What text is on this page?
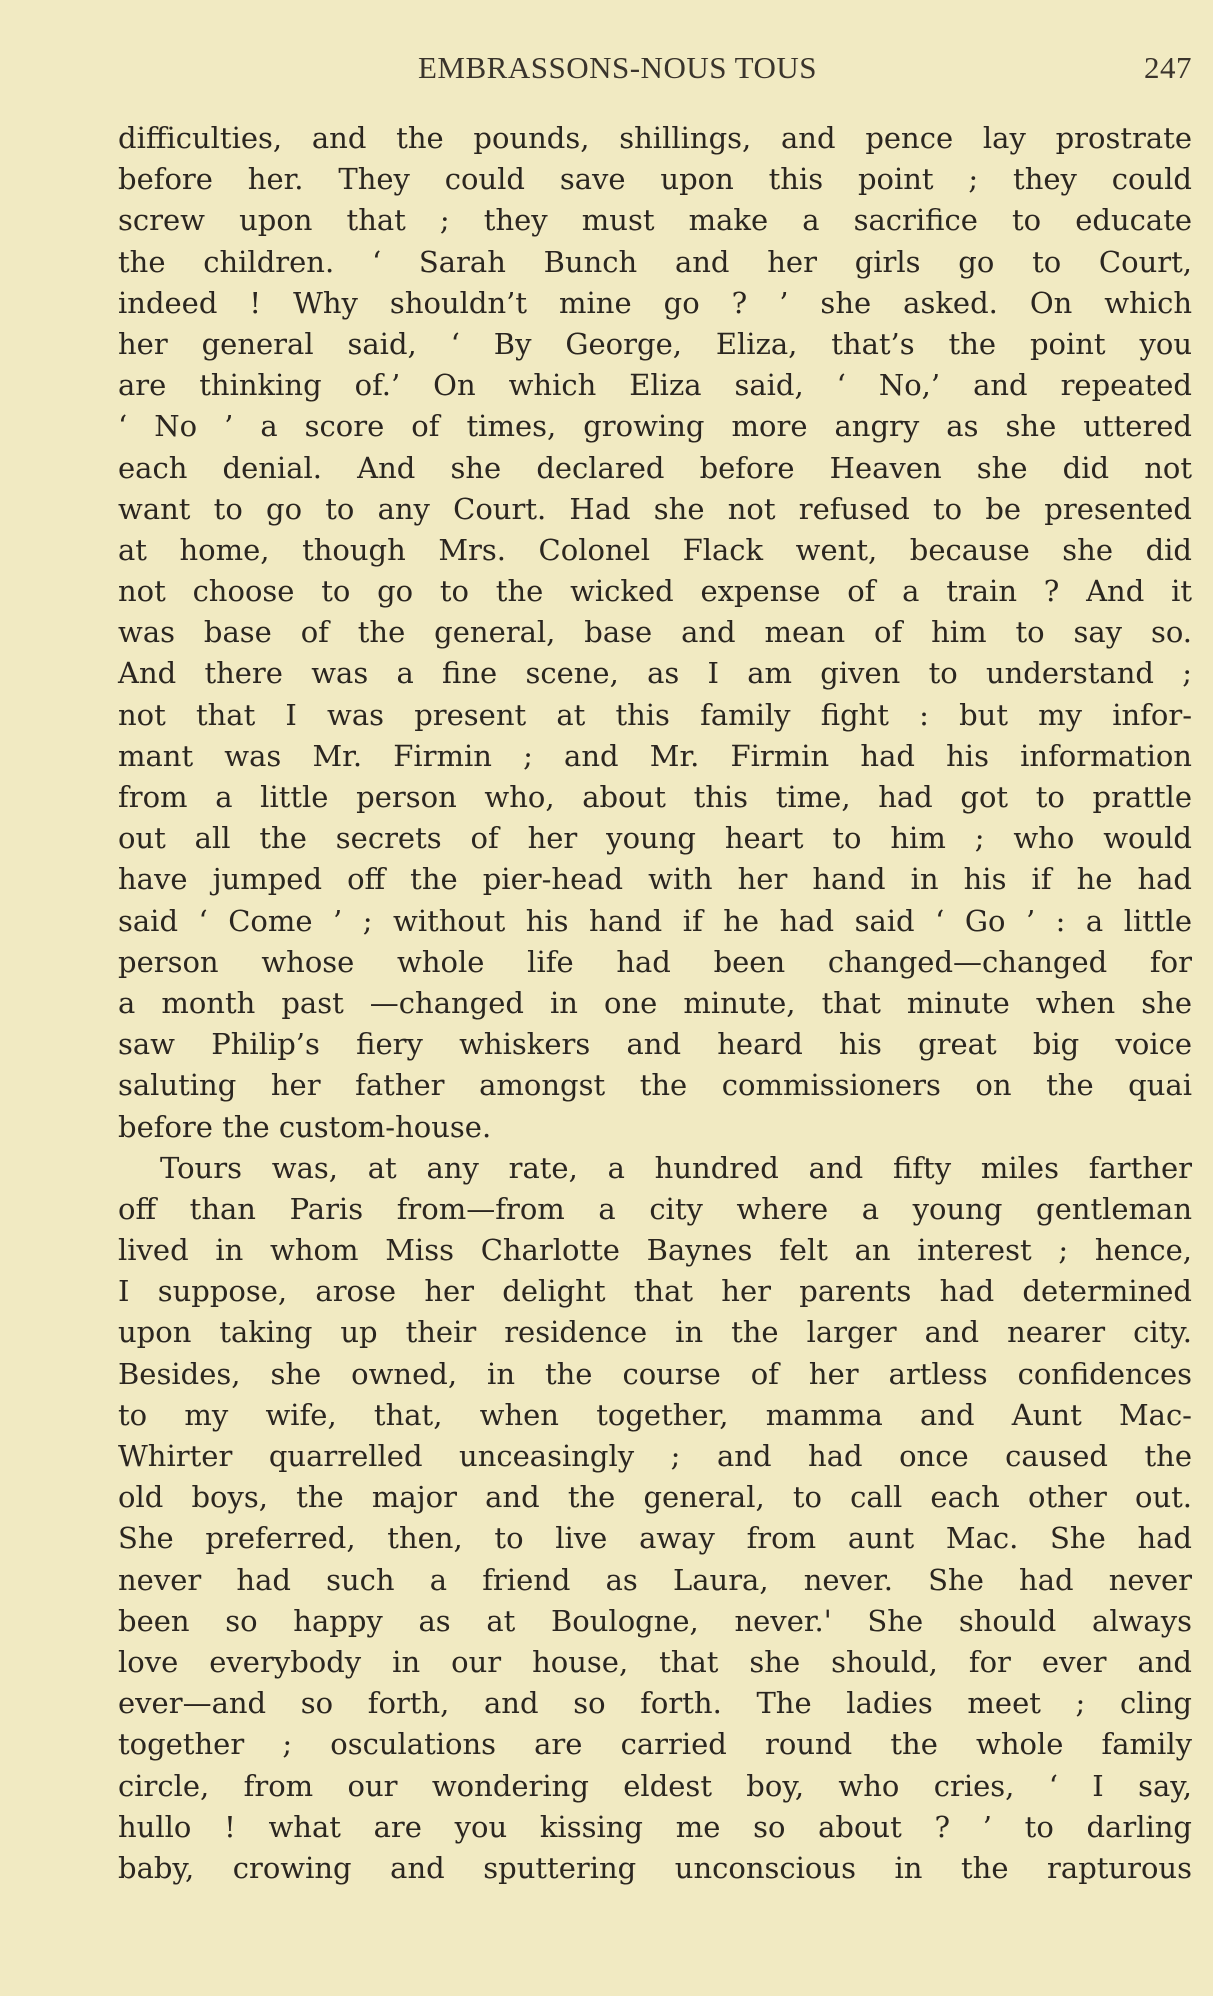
EMBRASSONS-NOUS TOUS	247
difficulties, and the pounds, shillings, and pence lay prostrate
before her. They could save upon this point ; they could
screw upon that ; they must make a sacrifice to educate
the children. ‘ Sarah Bunch and her girls go to Court,
indeed ! Why shouldn’t mine go ? ’ she asked. On which
her general said, ‘ By George, Eliza, that’s the point you
are thinking of.’ On which Eliza said, ‘ No,’ and repeated
‘ No ’ a score of times, growing more angry as she uttered
each denial. And she declared before Heaven she did not
want to go to any Court. Had she not refused to be presented
at home, though Mrs. Colonel Flack went, because she did
not choose to go to the wicked expense of a train ? And it
was base of the general, base and mean of him to say so.
And there was a fine scene, as I am given to understand ;
not that I was present at this family fight : but my infor-
mant was Mr. Firmin ; and Mr. Firmin had his information
from a little person who, about this time, had got to prattle
out all the secrets of her young heart to him ; who would
have jumped off the pier-head with her hand in his if he had
said ‘ Come ’ ; without his hand if he had said ‘ Go ’ : a little
person whose whole life had been changed—changed for
a month past —changed in one minute, that minute when she
saw Philip’s fiery whiskers and heard his great big voice
saluting her father amongst the commissioners on the quai
before the custom-house.
Tours was, at any rate, a hundred and fifty miles farther
off than Paris from—from a city where a young gentleman
lived in whom Miss Charlotte Baynes felt an interest ; hence,
I suppose, arose her delight that her parents had determined
upon taking up their residence in the larger and nearer city.
Besides, she owned, in the course of her artless confidences
to my wife, that, when together, mamma and Aunt Mac-
Whirter quarrelled unceasingly ; and had once caused the
old boys, the major and the general, to call each other out.
She preferred, then, to live away from aunt Mac. She had
never had such a friend as Laura, never. She had never
been so happy as at Boulogne, never.' She should always
love everybody in our house, that she should, for ever and
ever—and so forth, and so forth. The ladies meet ; cling
together ; osculations are carried round the whole family
circle, from our wondering eldest boy, who cries, ‘ I say,
hullo ! what are you kissing me so about ? ’ to darling
baby, crowing and sputtering unconscious in the rapturous
